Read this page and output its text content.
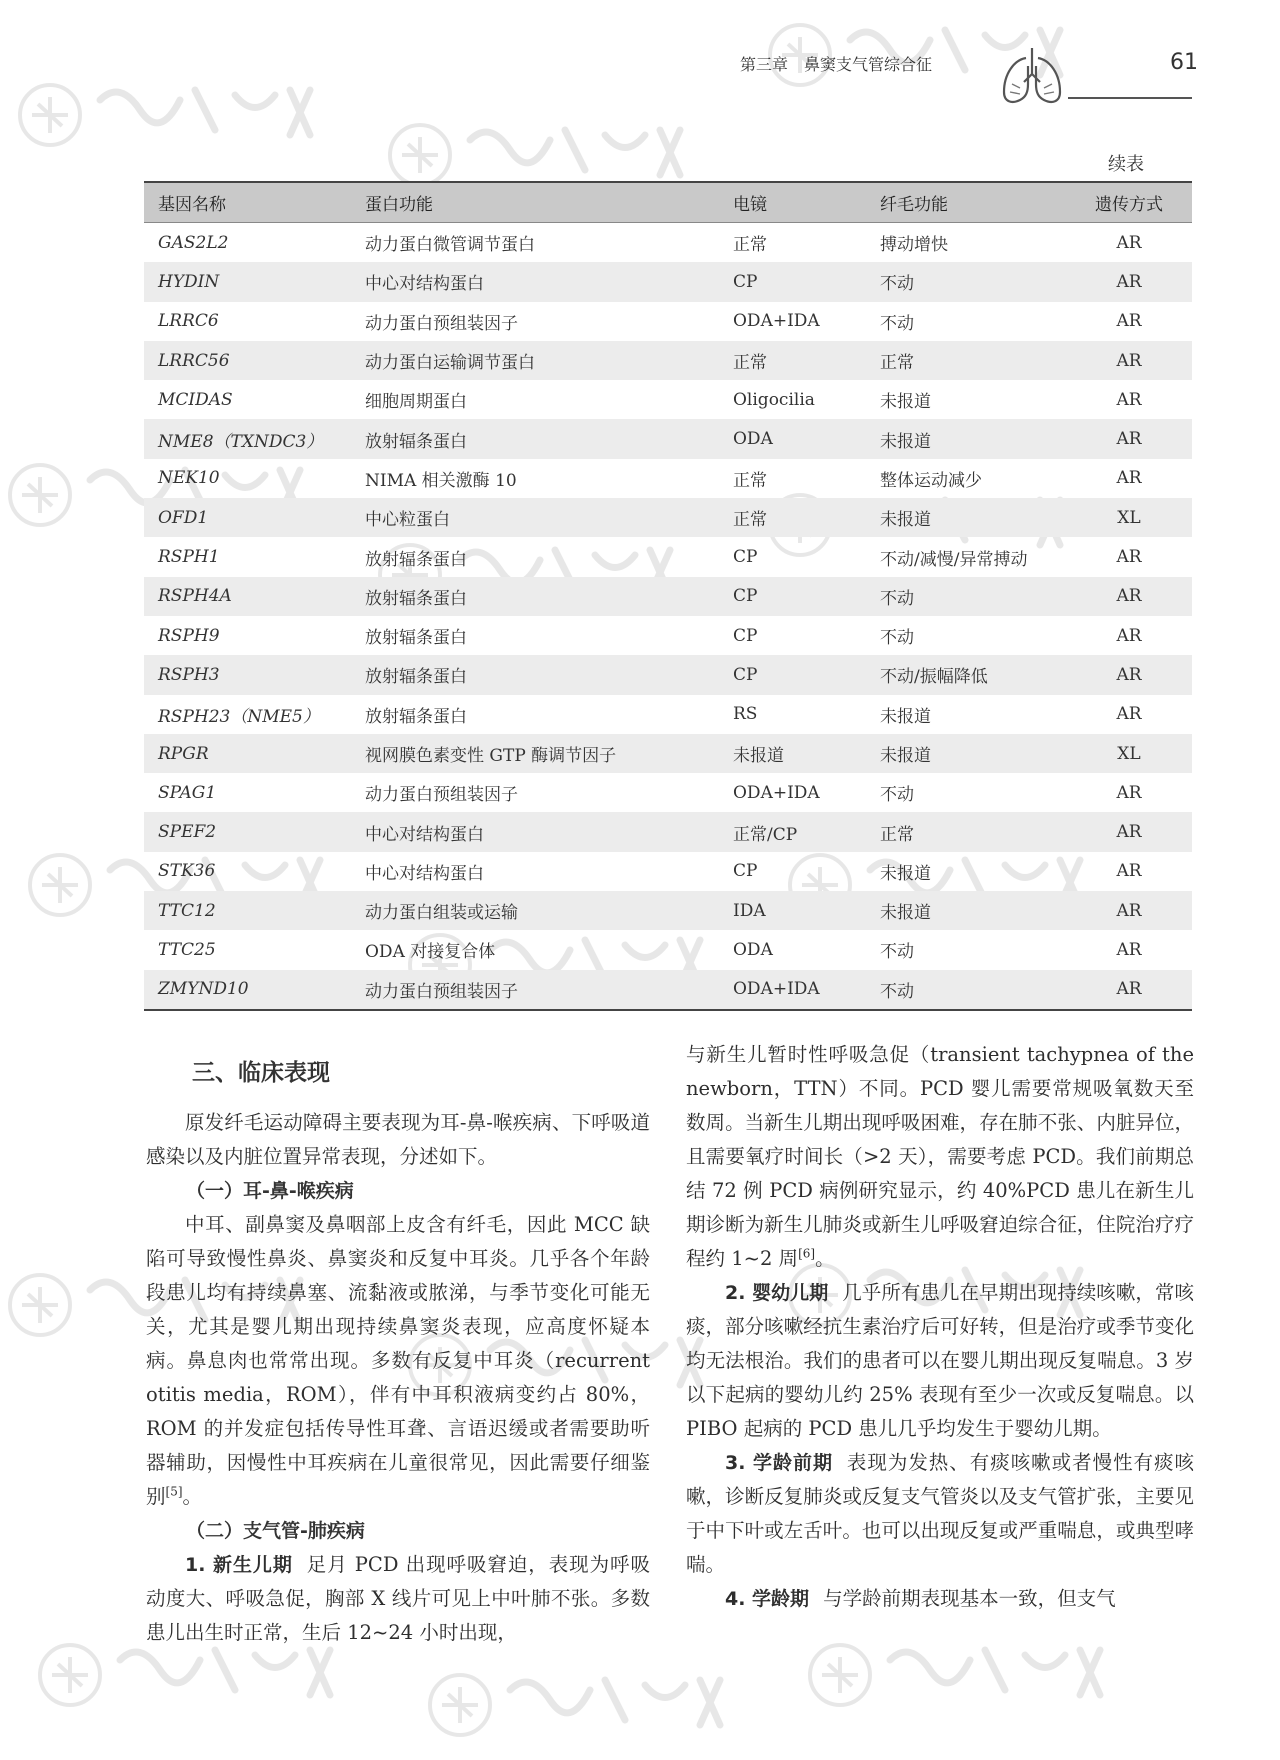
第三章　鼻窦支气管综合征	61
续表
基因名称	蛋白功能	电镜	纤毛功能	遗传方式
GAS2L2	动力蛋白微管调节蛋白	正常	搏动增快	AR
HYDIN	中心对结构蛋白	CP	不动	AR
LRRC6	动力蛋白预组装因子	ODA+IDA	不动	AR
LRRC56	动力蛋白运输调节蛋白	正常	正常	AR
MCIDAS	细胞周期蛋白	Oligocilia	未报道	AR
NME8（TXNDC3）	放射辐条蛋白	ODA	未报道	AR
NEK10	NIMA 相关激酶 10	正常	整体运动减少	AR
OFD1	中心粒蛋白	正常	未报道	XL
RSPH1	放射辐条蛋白	CP	不动/减慢/异常搏动	AR
RSPH4A	放射辐条蛋白	CP	不动	AR
RSPH9	放射辐条蛋白	CP	不动	AR
RSPH3	放射辐条蛋白	CP	不动/振幅降低	AR
RSPH23（NME5）	放射辐条蛋白	RS	未报道	AR
RPGR	视网膜色素变性 GTP 酶调节因子	未报道	未报道	XL
SPAG1	动力蛋白预组装因子	ODA+IDA	不动	AR
SPEF2	中心对结构蛋白	正常/CP	正常	AR
STK36	中心对结构蛋白	CP	未报道	AR
TTC12	动力蛋白组装或运输	IDA	未报道	AR
TTC25	ODA 对接复合体	ODA	不动	AR
ZMYND10	动力蛋白预组装因子	ODA+IDA	不动	AR
三、临床表现

原发纤毛运动障碍主要表现为耳-鼻-喉疾病、下呼吸道感染以及内脏位置异常表现，分述如下。

（一）耳-鼻-喉疾病

中耳、副鼻窦及鼻咽部上皮含有纤毛，因此 MCC 缺陷可导致慢性鼻炎、鼻窦炎和反复中耳炎。几乎各个年龄段患儿均有持续鼻塞、流黏液或脓涕，与季节变化可能无关，尤其是婴儿期出现持续鼻窦炎表现，应高度怀疑本病。鼻息肉也常常出现。多数有反复中耳炎（recurrent otitis media，ROM），伴有中耳积液病变约占 80%，ROM 的并发症包括传导性耳聋、言语迟缓或者需要助听器辅助，因慢性中耳疾病在儿童很常见，因此需要仔细鉴别[5]。

（二）支气管-肺疾病

1. 新生儿期 足月 PCD 出现呼吸窘迫，表现为呼吸动度大、呼吸急促，胸部 X 线片可见上中叶肺不张。多数患儿出生时正常，生后 12~24 小时出现，

与新生儿暂时性呼吸急促（transient tachypnea of the newborn，TTN）不同。PCD 婴儿需要常规吸氧数天至数周。当新生儿期出现呼吸困难，存在肺不张、内脏异位，且需要氧疗时间长（>2 天），需要考虑 PCD。我们前期总结 72 例 PCD 病例研究显示，约 40%PCD 患儿在新生儿期诊断为新生儿肺炎或新生儿呼吸窘迫综合征，住院治疗疗程约 1~2 周[6]。

2. 婴幼儿期 几乎所有患儿在早期出现持续咳嗽，常咳痰，部分咳嗽经抗生素治疗后可好转，但是治疗或季节变化均无法根治。我们的患者可以在婴儿期出现反复喘息。3 岁以下起病的婴幼儿约 25% 表现有至少一次或反复喘息。以 PIBO 起病的 PCD 患儿几乎均发生于婴幼儿期。

3. 学龄前期 表现为发热、有痰咳嗽或者慢性有痰咳嗽，诊断反复肺炎或反复支气管炎以及支气管扩张，主要见于中下叶或左舌叶。也可以出现反复或严重喘息，或典型哮喘。

4. 学龄期 与学龄前期表现基本一致，但支气
